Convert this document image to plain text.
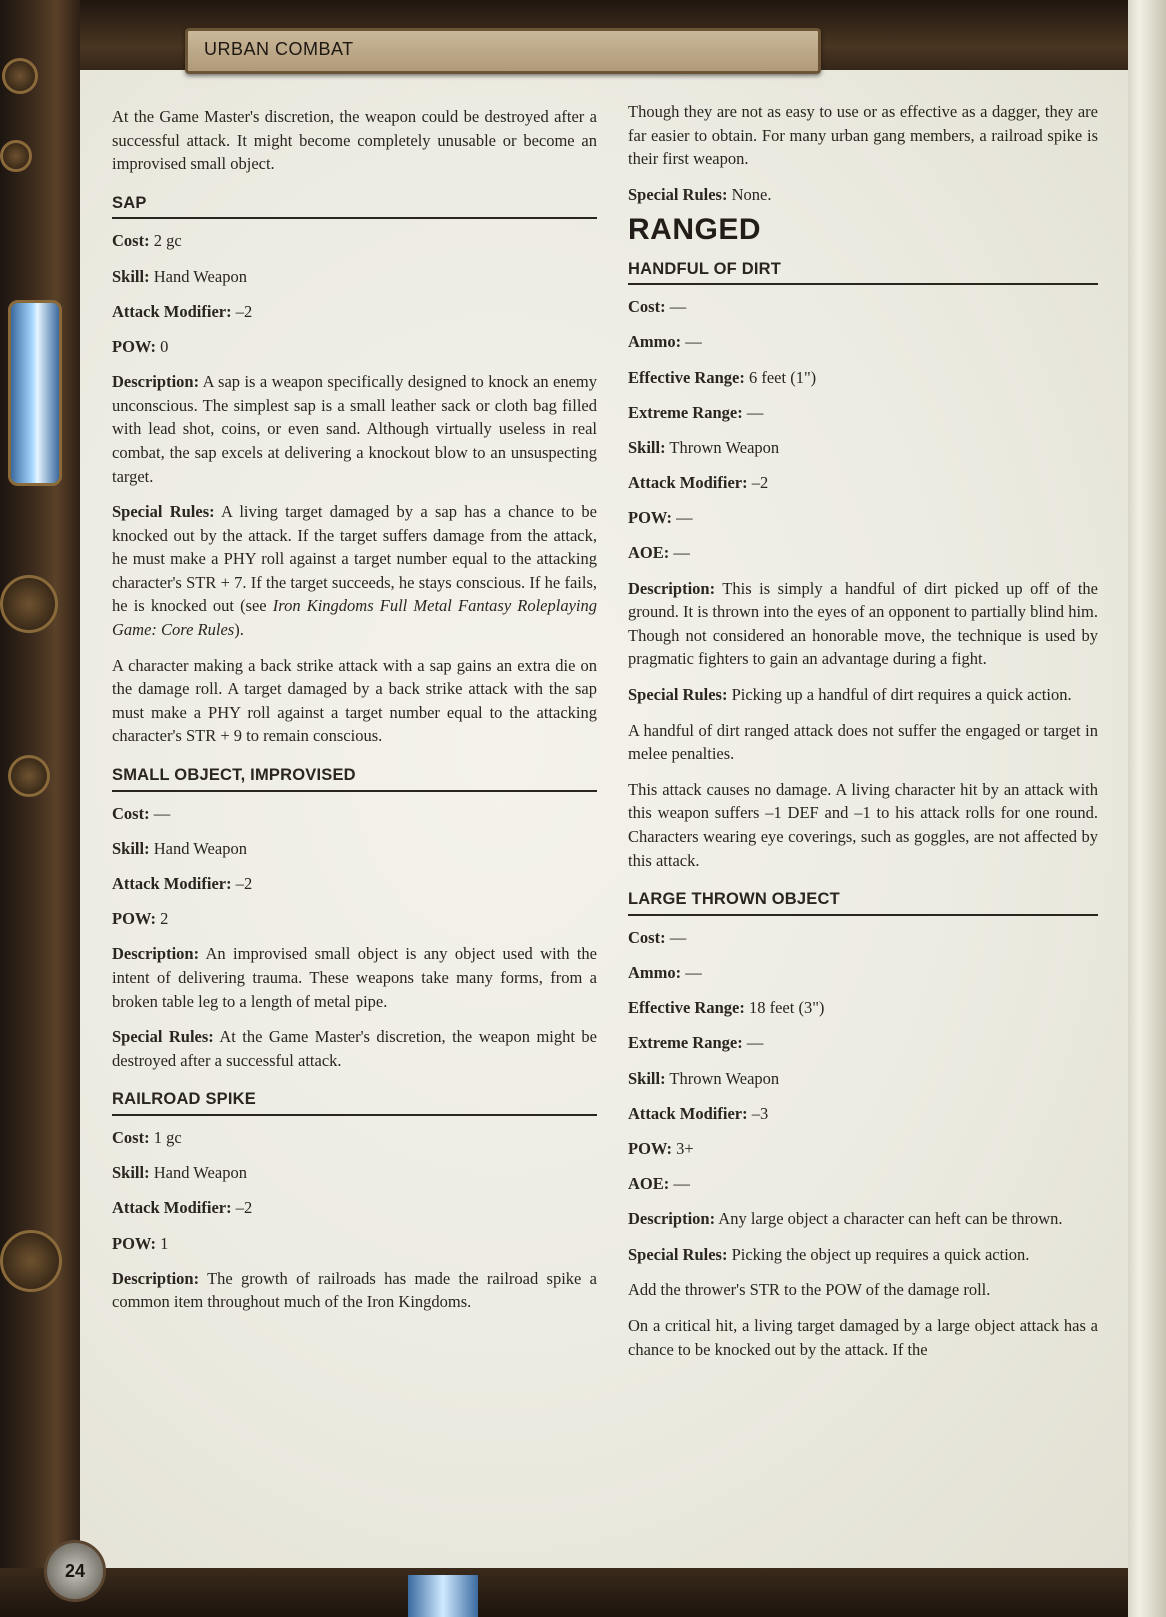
URBAN COMBAT
24

At the Game Master's discretion, the weapon could be destroyed after a successful attack. It might become completely unusable or become an improvised small object.

SAP

Cost: 2 gc

Skill: Hand Weapon

Attack Modifier: –2

POW: 0

Description: A sap is a weapon specifically designed to knock an enemy unconscious. The simplest sap is a small leather sack or cloth bag filled with lead shot, coins, or even sand. Although virtually useless in real combat, the sap excels at delivering a knockout blow to an unsuspecting target.

Special Rules: A living target damaged by a sap has a chance to be knocked out by the attack. If the target suffers damage from the attack, he must make a PHY roll against a target number equal to the attacking character's STR + 7. If the target succeeds, he stays conscious. If he fails, he is knocked out (see Iron Kingdoms Full Metal Fantasy Roleplaying Game: Core Rules).

A character making a back strike attack with a sap gains an extra die on the damage roll. A target damaged by a back strike attack with the sap must make a PHY roll against a target number equal to the attacking character's STR + 9 to remain conscious.

SMALL OBJECT, IMPROVISED

Cost: —

Skill: Hand Weapon

Attack Modifier: –2

POW: 2

Description: An improvised small object is any object used with the intent of delivering trauma. These weapons take many forms, from a broken table leg to a length of metal pipe.

Special Rules: At the Game Master's discretion, the weapon might be destroyed after a successful attack.

RAILROAD SPIKE

Cost: 1 gc

Skill: Hand Weapon

Attack Modifier: –2

POW: 1

Description: The growth of railroads has made the railroad spike a common item throughout much of the Iron Kingdoms.

Though they are not as easy to use or as effective as a dagger, they are far easier to obtain. For many urban gang members, a railroad spike is their first weapon.

Special Rules: None.

RANGED
HANDFUL OF DIRT

Cost: —

Ammo: —

Effective Range: 6 feet (1")

Extreme Range: —

Skill: Thrown Weapon

Attack Modifier: –2

POW: —

AOE: —

Description: This is simply a handful of dirt picked up off of the ground. It is thrown into the eyes of an opponent to partially blind him. Though not considered an honorable move, the technique is used by pragmatic fighters to gain an advantage during a fight.

Special Rules: Picking up a handful of dirt requires a quick action.

A handful of dirt ranged attack does not suffer the engaged or target in melee penalties.

This attack causes no damage. A living character hit by an attack with this weapon suffers –1 DEF and –1 to his attack rolls for one round. Characters wearing eye coverings, such as goggles, are not affected by this attack.

LARGE THROWN OBJECT

Cost: —

Ammo: —

Effective Range: 18 feet (3")

Extreme Range: —

Skill: Thrown Weapon

Attack Modifier: –3

POW: 3+

AOE: —

Description: Any large object a character can heft can be thrown.

Special Rules: Picking the object up requires a quick action.

Add the thrower's STR to the POW of the damage roll.

On a critical hit, a living target damaged by a large object attack has a chance to be knocked out by the attack. If the
